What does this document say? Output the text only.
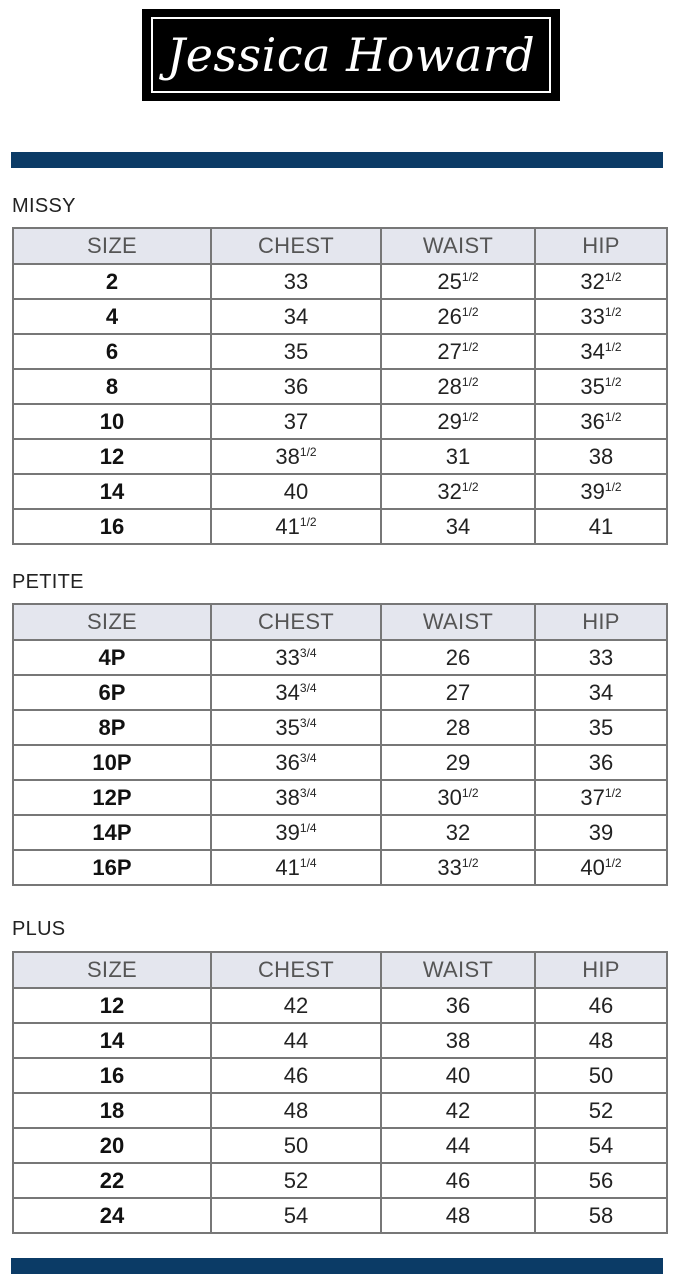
Jessica Howard
MISSY
SIZE	CHEST	WAIST	HIP
2	33	$25^{1/2}$	$32^{1/2}$
4	34	$26^{1/2}$	$33^{1/2}$
6	35	$27^{1/2}$	$34^{1/2}$
8	36	$28^{1/2}$	$35^{1/2}$
10	37	$29^{1/2}$	$36^{1/2}$
12	$38^{1/2}$	31	38
14	40	$32^{1/2}$	$39^{1/2}$
16	$41^{1/2}$	34	41
PETITE
SIZE	CHEST	WAIST	HIP
4P	$33^{3/4}$	26	33
6P	$34^{3/4}$	27	34
8P	$35^{3/4}$	28	35
10P	$36^{3/4}$	29	36
12P	$38^{3/4}$	$30^{1/2}$	$37^{1/2}$
14P	$39^{1/4}$	32	39
16P	$41^{1/4}$	$33^{1/2}$	$40^{1/2}$
PLUS
SIZE	CHEST	WAIST	HIP
12	42	36	46
14	44	38	48
16	46	40	50
18	48	42	52
20	50	44	54
22	52	46	56
24	54	48	58
